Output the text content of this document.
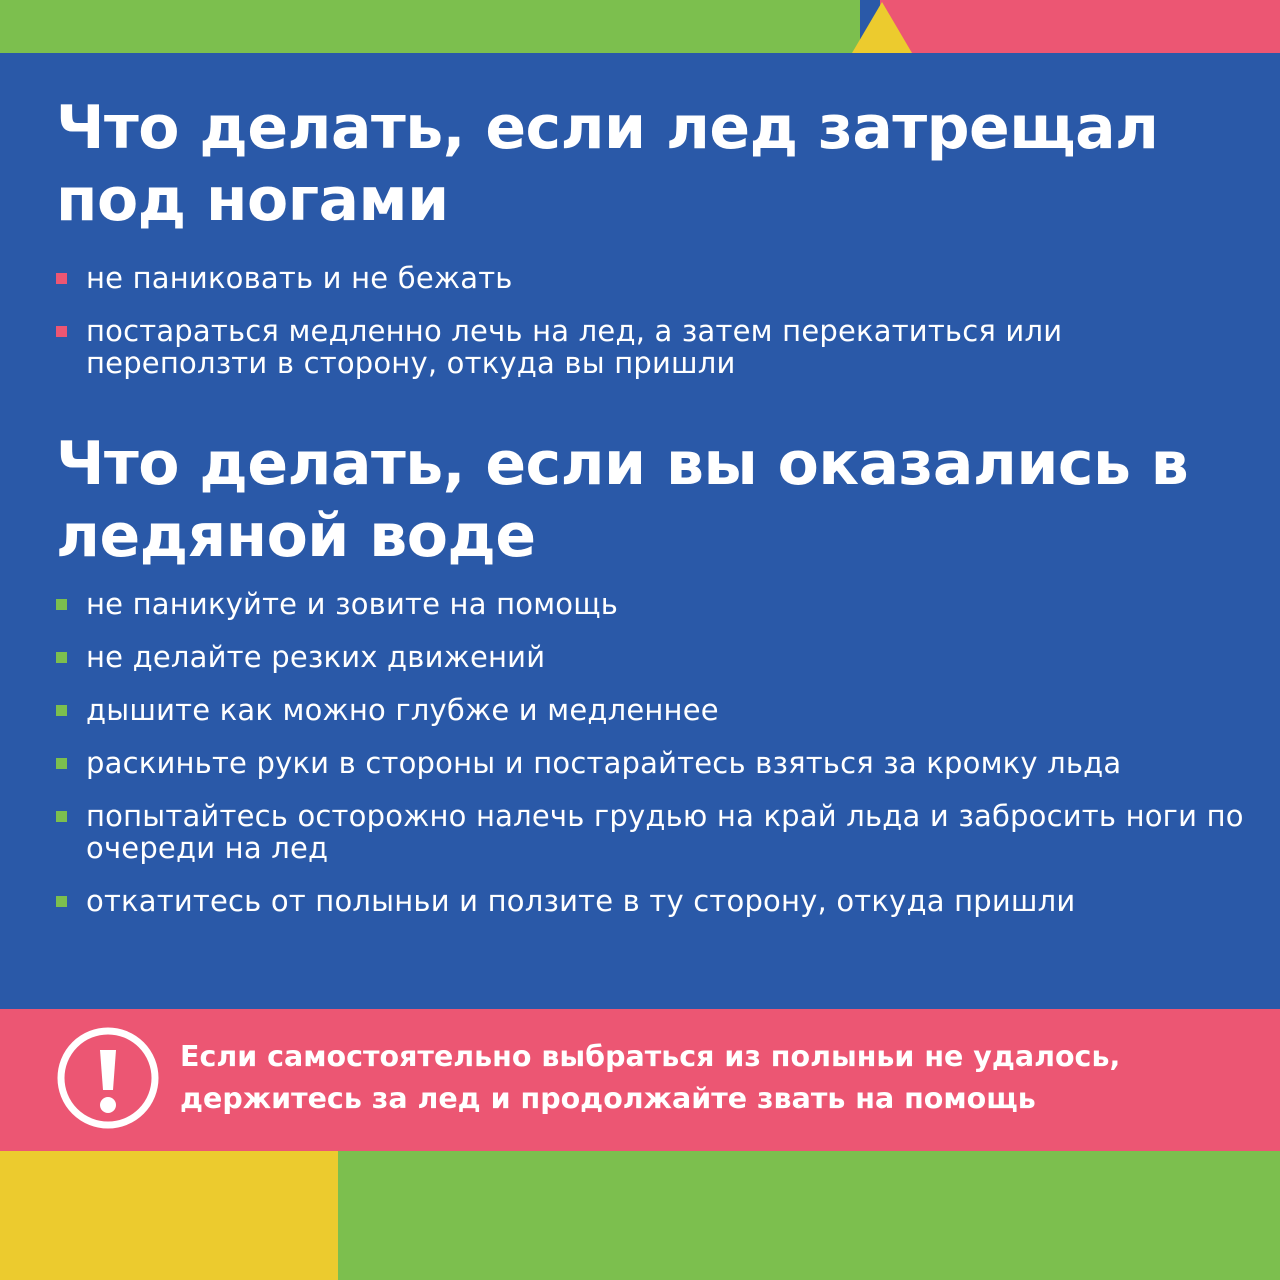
Что делать, если лед затрещал под ногами
не паниковать и не бежать
постараться медленно лечь на лед, а затем перекатиться или переползти в сторону, откуда вы пришли
Что делать, если вы оказались в ледяной воде
не паникуйте и зовите на помощь
не делайте резких движений
дышите как можно глубже и медленнее
раскиньте руки в стороны и постарайтесь взяться за кромку льда
попытайтесь осторожно налечь грудью на край льда и забросить ноги по очереди на лед
откатитесь от полыньи и ползите в ту сторону, откуда пришли

Если самостоятельно выбраться из полыньи не удалось, держитесь за лед и продолжайте звать на помощь
